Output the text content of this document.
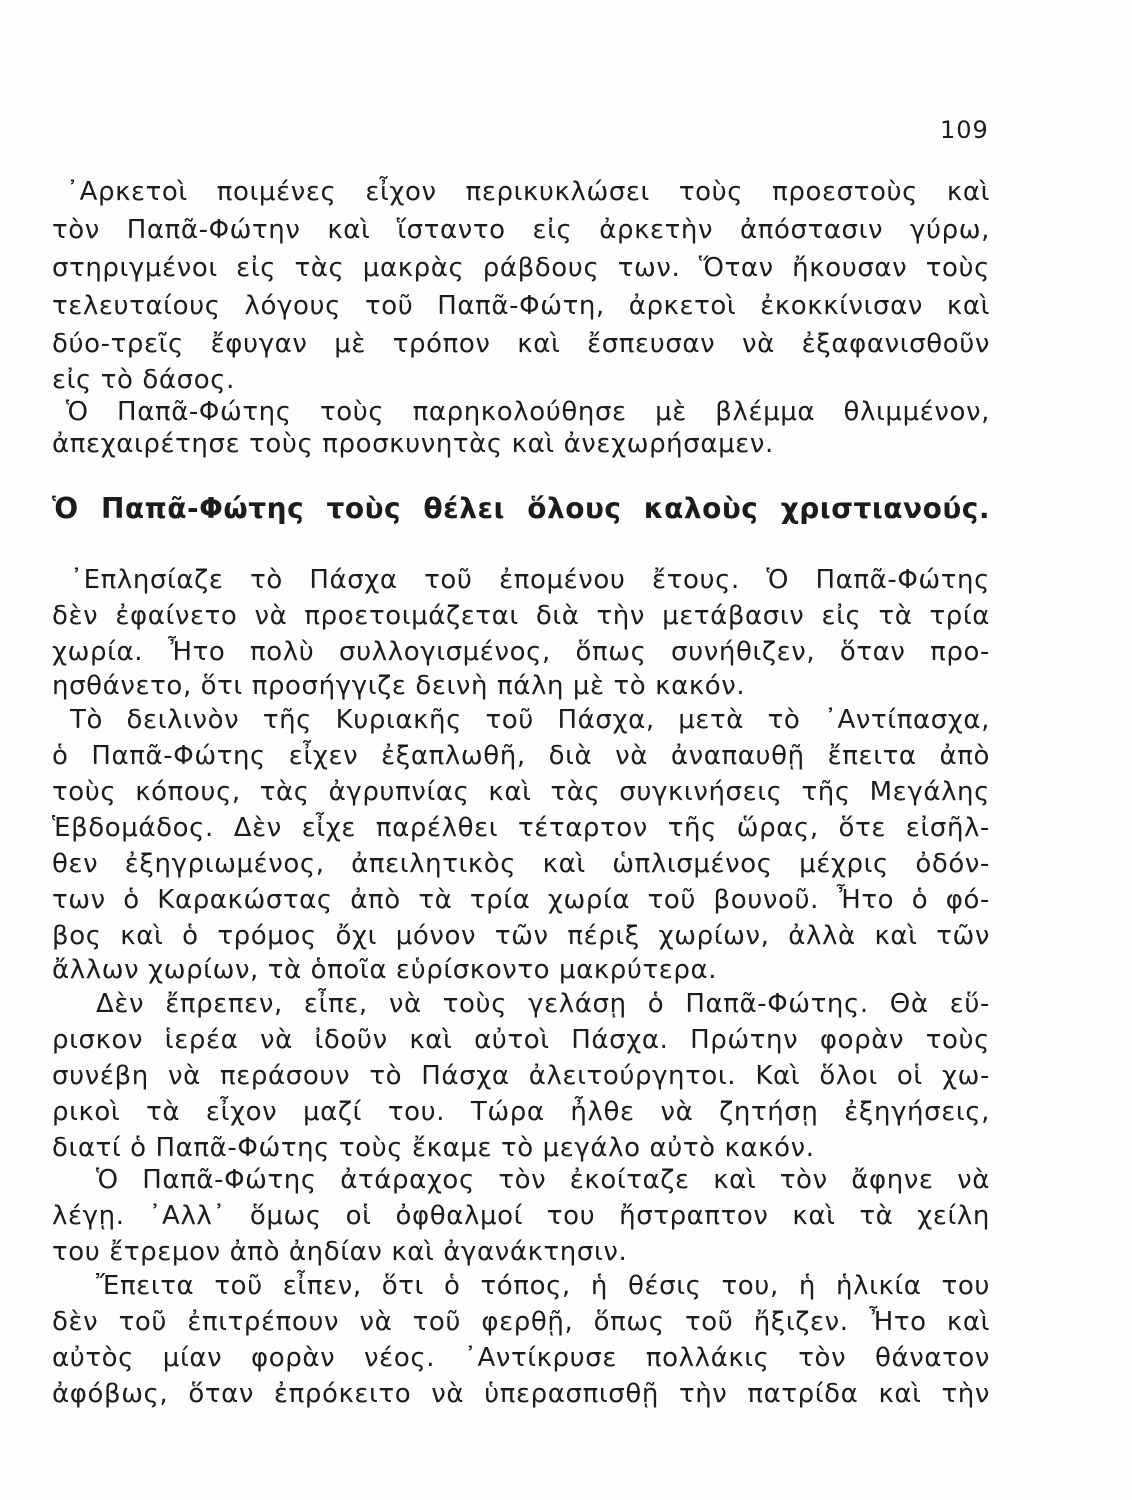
109
᾿Αρκετοὶ ποιμένες εἶχον περικυκλώσει τοὺς προεστοὺς καὶ
τὸν Παπᾶ-Φώτην καὶ ἵσταντο εἰς ἀρκετὴν ἀπόστασιν γύρω,
στηριγμένοι εἰς τὰς μακρὰς ράβδους των. Ὅταν ἤκουσαν τοὺς
τελευταίους λόγους τοῦ Παπᾶ-Φώτη, ἀρκετοὶ ἐκοκκίνισαν καὶ
δύο-τρεῖς ἔφυγαν μὲ τρόπον καὶ ἔσπευσαν νὰ ἐξαφανισθοῦν
εἰς τὸ δάσος.
Ὁ Παπᾶ-Φώτης τοὺς παρηκολούθησε μὲ βλέμμα θλιμμένον,
ἀπεχαιρέτησε τοὺς προσκυνητὰς καὶ ἀνεχωρήσαμεν.
Ὁ Παπᾶ-Φώτης τοὺς θέλει ὅλους καλοὺς χριστιανούς.
᾿Επλησίαζε τὸ Πάσχα τοῦ ἐπομένου ἔτους. Ὁ Παπᾶ-Φώτης
δὲν ἐφαίνετο νὰ προετοιμάζεται διὰ τὴν μετάβασιν εἰς τὰ τρία
χωρία. Ἦτο πολὺ συλλογισμένος, ὅπως συνήθιζεν, ὅταν προ-
ησθάνετο, ὅτι προσήγγιζε δεινὴ πάλη μὲ τὸ κακόν.
Τὸ δειλινὸν τῆς Κυριακῆς τοῦ Πάσχα, μετὰ τὸ ᾿Αντίπασχα,
ὁ Παπᾶ-Φώτης εἶχεν ἐξαπλωθῆ, διὰ νὰ ἀναπαυθῇ ἔπειτα ἀπὸ
τοὺς κόπους, τὰς ἀγρυπνίας καὶ τὰς συγκινήσεις τῆς Μεγάλης
Ἑβδομάδος. Δὲν εἶχε παρέλθει τέταρτον τῆς ὥρας, ὅτε εἰσῆλ-
θεν ἐξηγριωμένος, ἀπειλητικὸς καὶ ὡπλισμένος μέχρις ὀδόν-
των ὁ Καρακώστας ἀπὸ τὰ τρία χωρία τοῦ βουνοῦ. Ἦτο ὁ φό-
βος καὶ ὁ τρόμος ὄχι μόνον τῶν πέριξ χωρίων, ἀλλὰ καὶ τῶν
ἄλλων χωρίων, τὰ ὁποῖα εὑρίσκοντο μακρύτερα.
Δὲν ἔπρεπεν, εἶπε, νὰ τοὺς γελάσῃ ὁ Παπᾶ-Φώτης. Θὰ εὕ-
ρισκον ἱερέα νὰ ἰδοῦν καὶ αὐτοὶ Πάσχα. Πρώτην φορὰν τοὺς
συνέβη νὰ περάσουν τὸ Πάσχα ἀλειτούργητοι. Καὶ ὅλοι οἱ χω-
ρικοὶ τὰ εἶχον μαζί του. Τώρα ἦλθε νὰ ζητήσῃ ἐξηγήσεις,
διατί ὁ Παπᾶ-Φώτης τοὺς ἔκαμε τὸ μεγάλο αὐτὸ κακόν.
Ὁ Παπᾶ-Φώτης ἀτάραχος τὸν ἐκοίταζε καὶ τὸν ἄφηνε νὰ
λέγῃ. ᾿Αλλ᾿ ὅμως οἱ ὀφθαλμοί του ἤστραπτον καὶ τὰ χείλη
του ἔτρεμον ἀπὸ ἀηδίαν καὶ ἀγανάκτησιν.
Ἔπειτα τοῦ εἶπεν, ὅτι ὁ τόπος, ἡ θέσις του, ἡ ἡλικία του
δὲν τοῦ ἐπιτρέπουν νὰ τοῦ φερθῇ, ὅπως τοῦ ἤξιζεν. Ἦτο καὶ
αὐτὸς μίαν φορὰν νέος. ᾿Αντίκρυσε πολλάκις τὸν θάνατον
ἀφόβως, ὅταν ἐπρόκειτο νὰ ὑπερασπισθῇ τὴν πατρίδα καὶ τὴν
